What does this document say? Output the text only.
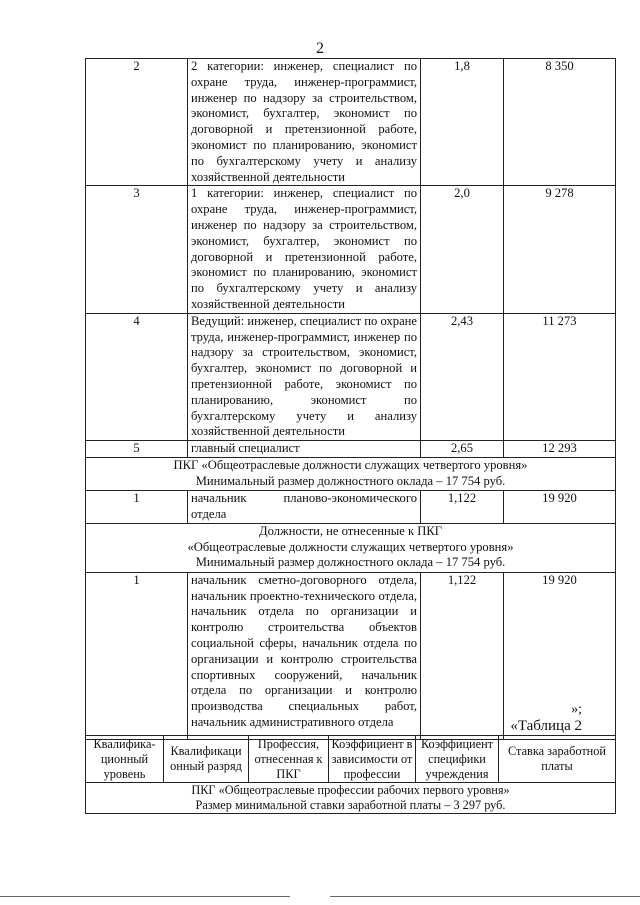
2
2	2 категории: инженер, специалист по охране труда, инженер-программист, инженер по надзору за строительством, экономист, бухгалтер, экономист по договорной и претензионной работе, экономист по планированию, экономист по бухгалтерскому учету и анализу хозяйственной деятельности	1,8	8 350
3	1 категории: инженер, специалист по охране труда, инженер-программист, инженер по надзору за строительством, экономист, бухгалтер, экономист по договорной и претензионной работе, экономист по планированию, экономист по бухгалтерскому учету и анализу хозяйственной деятельности	2,0	9 278
4	Ведущий: инженер, специалист по охране труда, инженер-программист, инженер по надзору за строительством, экономист, бухгалтер, экономист по договорной и претензионной работе, экономист по планированию, экономист по бухгалтерскому учету и анализу хозяйственной деятельности	2,43	11 273
5	главный специалист	2,65	12 293

ПКГ «Общеотраслевые должности служащих четвертого уровня»
Минимальный размер должностного оклада – 17 754 руб.			

1	начальник планово-экономического отдела	1,122	19 920

Должности, не отнесенные к ПКГ
«Общеотраслевые должности служащих четвертого уровня»
Минимальный размер должностного оклада – 17 754 руб.			

1	начальник сметно-договорного отдела, начальник проектно-технического отдела, начальник отдела по организации и контролю строительства объектов социальной сферы, начальник отдела по организации и контролю строительства спортивных сооружений, начальник отдела по организации и контролю производства специальных работ, начальник административного отдела	1,122	19 920
»;
«Таблица 2
Квалифика-ционный уровень	Квалификаци онный разряд	Профессия, отнесенная к ПКГ	Коэффициент в зависимости от профессии	Коэффициент специфики учреждения	Ставка заработной платы

ПКГ «Общеотраслевые профессии рабочих первого уровня»
Размер минимальной ставки заработной платы – 3 297 руб.
